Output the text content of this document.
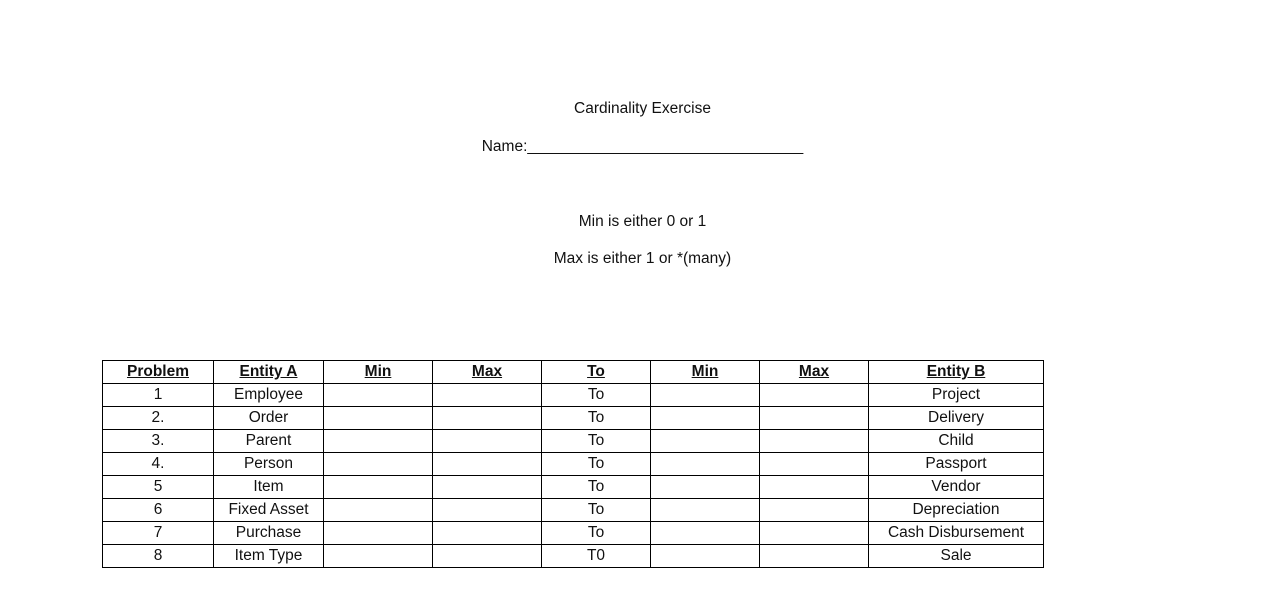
Cardinality Exercise
Name:________________________________
Min is either 0 or 1
Max is either 1 or *(many)
Problem	Entity A	Min	Max	To	Min	Max	Entity B
1	Employee			To			Project
2.	Order			To			Delivery
3.	Parent			To			Child
4.	Person			To			Passport
5	Item			To			Vendor
6	Fixed Asset			To			Depreciation
7	Purchase			To			Cash Disbursement
8	Item Type			T0			Sale
